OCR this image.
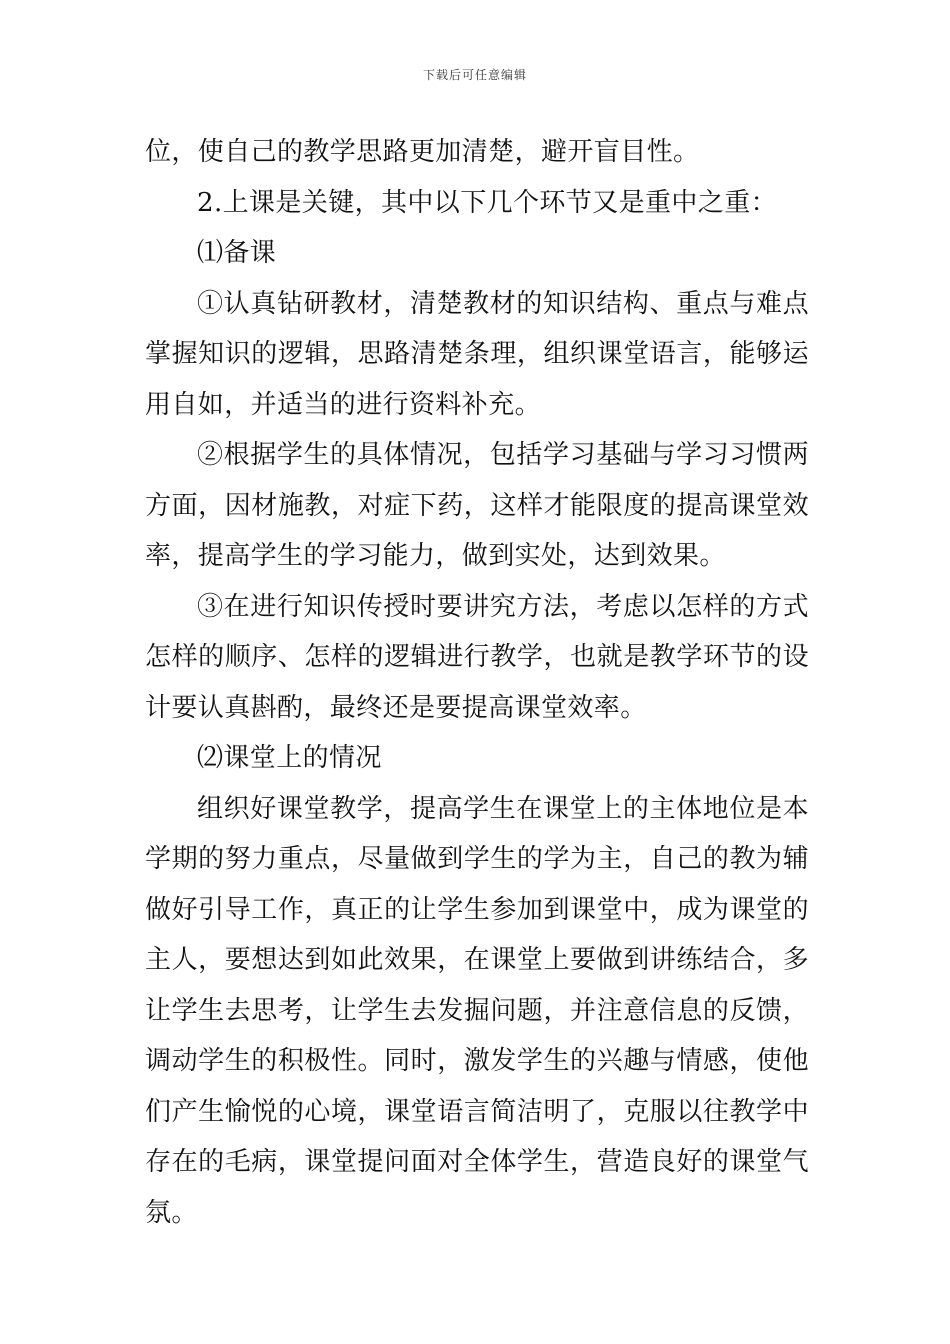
下载后可任意编辑

位，使自己的教学思路更加清楚，避开盲目性。

2.上课是关键，其中以下几个环节又是重中之重：

⑴备课

①认真钻研教材，清楚教材的知识结构、重点与难点掌握知识的逻辑，思路清楚条理，组织课堂语言，能够运用自如，并适当的进行资料补充。

②根据学生的具体情况，包括学习基础与学习习惯两方面，因材施教，对症下药，这样才能限度的提高课堂效率，提高学生的学习能力，做到实处，达到效果。

③在进行知识传授时要讲究方法，考虑以怎样的方式怎样的顺序、怎样的逻辑进行教学，也就是教学环节的设计要认真斟酌，最终还是要提高课堂效率。

⑵课堂上的情况

组织好课堂教学，提高学生在课堂上的主体地位是本学期的努力重点，尽量做到学生的学为主，自己的教为辅做好引导工作，真正的让学生参加到课堂中，成为课堂的主人，要想达到如此效果，在课堂上要做到讲练结合，多让学生去思考，让学生去发掘问题，并注意信息的反馈，调动学生的积极性。同时，激发学生的兴趣与情感，使他们产生愉悦的心境，课堂语言简洁明了，克服以往教学中存在的毛病，课堂提问面对全体学生，营造良好的课堂气氛。
